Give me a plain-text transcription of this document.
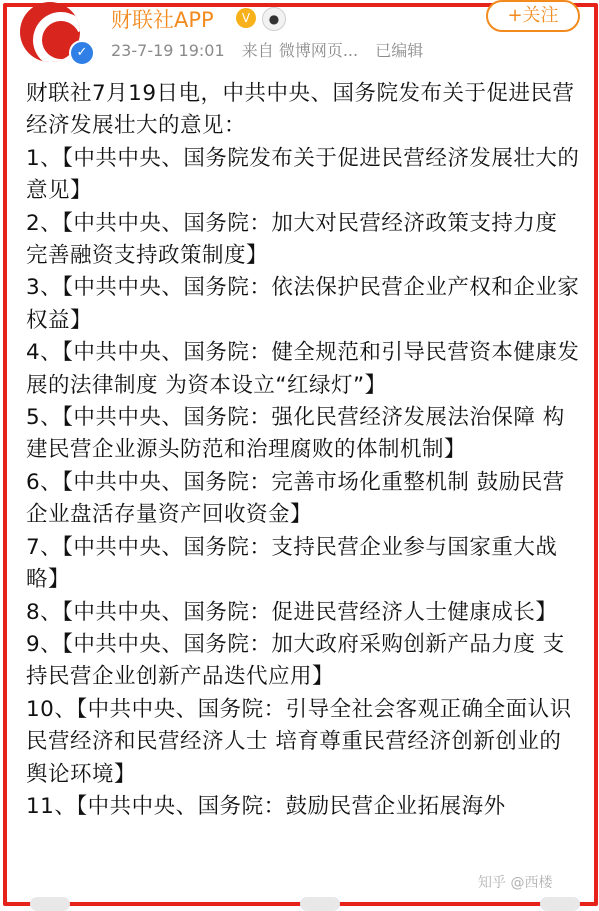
✓
财联社APP	V	●	+关注
23-7-19 19:01 来自 微博网页... 已编辑

财联社7月19日电，中共中央、国务院发布关于促进民营经济发展壮大的意见：

1、【中共中央、国务院发布关于促进民营经济发展壮大的意见】

2、【中共中央、国务院：加大对民营经济政策支持力度 完善融资支持政策制度】

3、【中共中央、国务院：依法保护民营企业产权和企业家权益】

4、【中共中央、国务院：健全规范和引导民营资本健康发展的法律制度 为资本设立“红绿灯”】

5、【中共中央、国务院：强化民营经济发展法治保障 构建民营企业源头防范和治理腐败的体制机制】

6、【中共中央、国务院：完善市场化重整机制 鼓励民营企业盘活存量资产回收资金】

7、【中共中央、国务院：支持民营企业参与国家重大战略】

8、【中共中央、国务院：促进民营经济人士健康成长】

9、【中共中央、国务院：加大政府采购创新产品力度 支持民营企业创新产品迭代应用】

10、【中共中央、国务院：引导全社会客观正确全面认识民营经济和民营经济人士 培育尊重民营经济创新创业的舆论环境】

11、【中共中央、国务院：鼓励民营企业拓展海外

知乎 @西楼
